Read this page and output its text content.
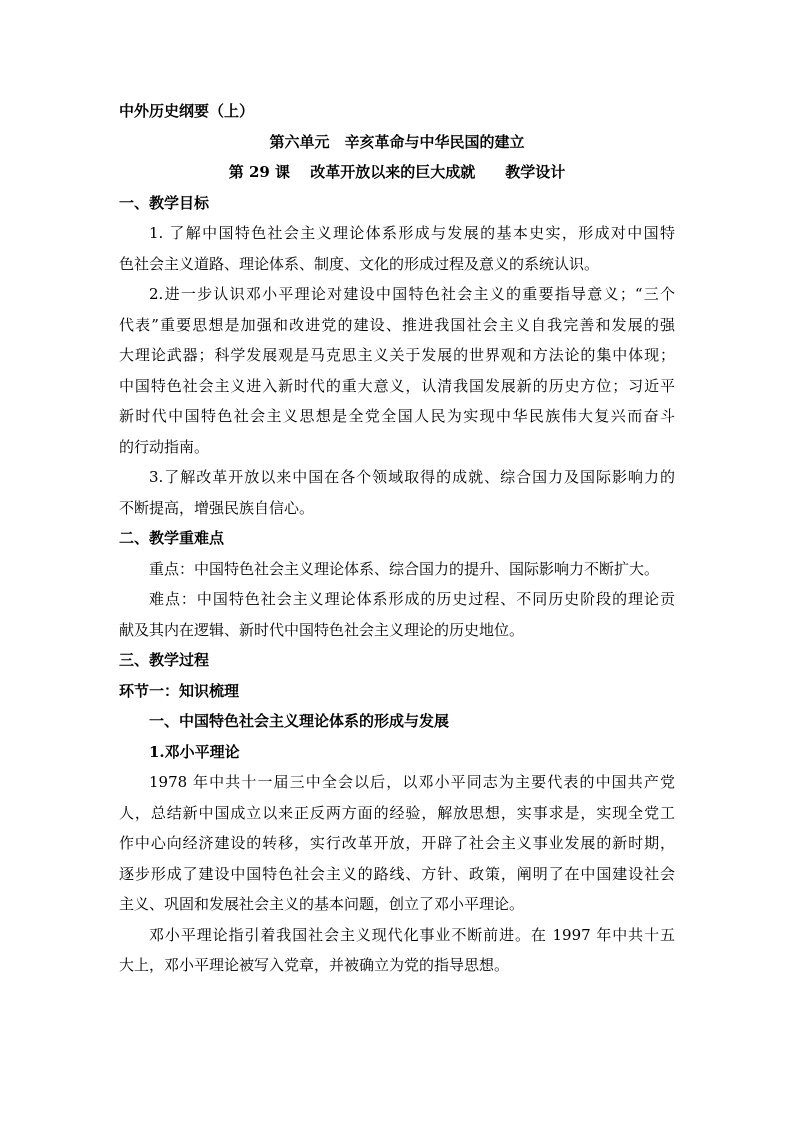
中外历史纲要（上）
第六单元　辛亥革命与中华民国的建立
第 29 课　 改革开放以来的巨大成就　　教学设计
一、教学目标
1. 了解中国特色社会主义理论体系形成与发展的基本史实，形成对中国特
色社会主义道路、理论体系、制度、文化的形成过程及意义的系统认识。
2.进一步认识邓小平理论对建设中国特色社会主义的重要指导意义；“三个
代表”重要思想是加强和改进党的建设、推进我国社会主义自我完善和发展的强
大理论武器；科学发展观是马克思主义关于发展的世界观和方法论的集中体现；
中国特色社会主义进入新时代的重大意义，认清我国发展新的历史方位；习近平
新时代中国特色社会主义思想是全党全国人民为实现中华民族伟大复兴而奋斗
的行动指南。
3.了解改革开放以来中国在各个领域取得的成就、综合国力及国际影响力的
不断提高，增强民族自信心。
二、教学重难点
重点：中国特色社会主义理论体系、综合国力的提升、国际影响力不断扩大。
难点：中国特色社会主义理论体系形成的历史过程、不同历史阶段的理论贡
献及其内在逻辑、新时代中国特色社会主义理论的历史地位。
三、教学过程
环节一：知识梳理
一、中国特色社会主义理论体系的形成与发展
1.邓小平理论
1978 年中共十一届三中全会以后，以邓小平同志为主要代表的中国共产党
人，总结新中国成立以来正反两方面的经验，解放思想，实事求是，实现全党工
作中心向经济建设的转移，实行改革开放，开辟了社会主义事业发展的新时期，
逐步形成了建设中国特色社会主义的路线、方针、政策，阐明了在中国建设社会
主义、巩固和发展社会主义的基本问题，创立了邓小平理论。
邓小平理论指引着我国社会主义现代化事业不断前进。在 1997 年中共十五
大上，邓小平理论被写入党章，并被确立为党的指导思想。
